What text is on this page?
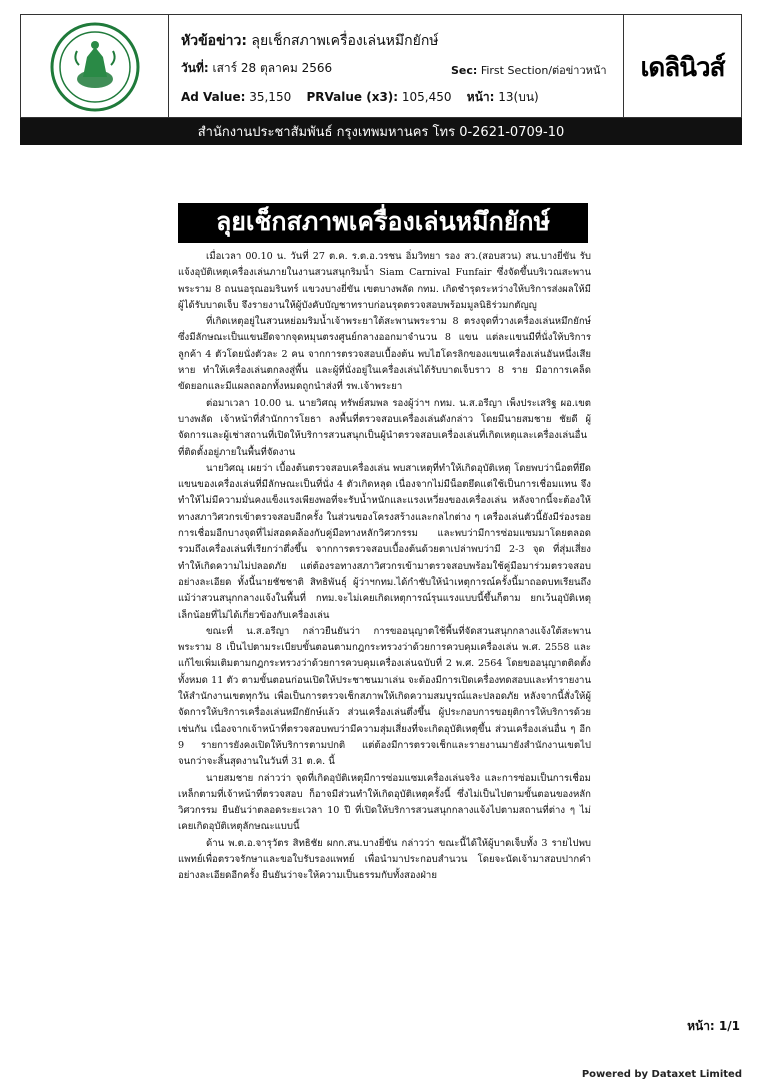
หัวข้อข่าว: ลุยเช็กสภาพเครื่องเล่นหมึกยักษ์
วันที่: เสาร์ 28 ตุลาคม 2566	Sec: First Section/ต่อข่าวหน้า
Ad Value: 35,150 PRValue (x3): 105,450 หน้า: 13(บน)
เดลินิวส์
สำนักงานประชาสัมพันธ์ กรุงเทพมหานคร โทร 0-2621-0709-10
ลุยเช็กสภาพเครื่องเล่นหมึกยักษ์

เมื่อเวลา 00.10 น. วันที่ 27 ต.ค. ร.ต.อ.วรชน อิ่มวิทยา รอง สว.(สอบสวน) สน.บางยี่ขัน รับแจ้งอุบัติเหตุเครื่องเล่นภายในงานสวนสนุกริมน้ำ Siam Carnival Funfair ซึ่งจัดขึ้นบริเวณสะพานพระราม 8 ถนนอรุณอมรินทร์ แขวงบางยี่ขัน เขตบางพลัด กทม. เกิดชำรุดระหว่างให้บริการส่งผลให้มีผู้ได้รับบาดเจ็บ จึงรายงานให้ผู้บังคับบัญชาทราบก่อนรุดตรวจสอบพร้อมมูลนิธิร่วมกตัญญู

ที่เกิดเหตุอยู่ในสวนหย่อมริมน้ำเจ้าพระยาใต้สะพานพระราม 8 ตรงจุดที่วางเครื่องเล่นหมึกยักษ์ ซึ่งมีลักษณะเป็นแขนยึดจากจุดหมุนตรงศูนย์กลางออกมาจำนวน 8 แขน แต่ละแขนมีที่นั่งให้บริการลูกค้า 4 ตัวโดยนั่งตัวละ 2 คน จากการตรวจสอบเบื้องต้น พบไฮโดรลิกของแขนเครื่องเล่นอันหนึ่งเสียหาย ทำให้เครื่องเล่นตกลงสู่พื้น และผู้ที่นั่งอยู่ในเครื่องเล่นได้รับบาดเจ็บราว 8 ราย มีอาการเคล็ดขัดยอกและมีแผลถลอกทั้งหมดถูกนำส่งที่ รพ.เจ้าพระยา

ต่อมาเวลา 10.00 น. นายวิศณุ ทรัพย์สมพล รองผู้ว่าฯ กทม. น.ส.อรีญา เพ็งประเสริฐ ผอ.เขตบางพลัด เจ้าหน้าที่สำนักการโยธา ลงพื้นที่ตรวจสอบเครื่องเล่นดังกล่าว โดยมีนายสมชาย ชัยดี ผู้จัดการและผู้เช่าสถานที่เปิดให้บริการสวนสนุกเป็นผู้นำตรวจสอบเครื่องเล่นที่เกิดเหตุและเครื่องเล่นอื่นที่ติดตั้งอยู่ภายในพื้นที่จัดงาน

นายวิศณุ เผยว่า เบื้องต้นตรวจสอบเครื่องเล่น พบสาเหตุที่ทำให้เกิดอุบัติเหตุ โดยพบว่าน็อตที่ยึดแขนของเครื่องเล่นที่มีลักษณะเป็นที่นั่ง 4 ตัวเกิดหลุด เนื่องจากไม่มีน็อตยึดแต่ใช้เป็นการเชื่อมแทน จึงทำให้ไม่มีความมั่นคงแข็งแรงเพียงพอที่จะรับน้ำหนักและแรงเหวี่ยงของเครื่องเล่น หลังจากนี้จะต้องให้ทางสภาวิศวกรเข้าตรวจสอบอีกครั้ง ในส่วนของโครงสร้างและกลไกต่าง ๆ เครื่องเล่นตัวนี้ยังมีร่องรอยการเชื่อมอีกบางจุดที่ไม่สอดคล้องกับคู่มือทางหลักวิศวกรรม และพบว่ามีการซ่อมแซมมาโดยตลอด รวมถึงเครื่องเล่นที่เรียกว่าตึ่งขึ้น จากการตรวจสอบเบื้องต้นด้วยตาเปล่าพบว่ามี 2-3 จุด ที่สุ่มเสี่ยงทำให้เกิดความไม่ปลอดภัย แต่ต้องรอทางสภาวิศวกรเข้ามาตรวจสอบพร้อมใช้คู่มือมาร่วมตรวจสอบอย่างละเอียด ทั้งนี้นายชัชชาติ สิทธิพันธุ์ ผู้ว่าฯกทม.ได้กำชับให้นำเหตุการณ์ครั้งนี้มาถอดบทเรียนถึงแม้ว่าสวนสนุกกลางแจ้งในพื้นที่ กทม.จะไม่เคยเกิดเหตุการณ์รุนแรงแบบนี้ขึ้นก็ตาม ยกเว้นอุบัติเหตุเล็กน้อยที่ไม่ได้เกี่ยวข้องกับเครื่องเล่น

ขณะที่ น.ส.อรีญา กล่าวยืนยันว่า การขออนุญาตใช้พื้นที่จัดสวนสนุกกลางแจ้งใต้สะพานพระราม 8 เป็นไปตามระเบียบขั้นตอนตามกฎกระทรวงว่าด้วยการควบคุมเครื่องเล่น พ.ศ. 2558 และแก้ไขเพิ่มเติมตามกฎกระทรวงว่าด้วยการควบคุมเครื่องเล่นฉบับที่ 2 พ.ศ. 2564 โดยขออนุญาตติดตั้งทั้งหมด 11 ตัว ตามขั้นตอนก่อนเปิดให้ประชาชนมาเล่น จะต้องมีการเปิดเครื่องทดสอบและทำรายงานให้สำนักงานเขตทุกวัน เพื่อเป็นการตรวจเช็กสภาพให้เกิดความสมบูรณ์และปลอดภัย หลังจากนี้สั่งให้ผู้จัดการให้บริการเครื่องเล่นหมึกยักษ์แล้ว ส่วนเครื่องเล่นตึ่งขึ้น ผู้ประกอบการขอยุติการให้บริการด้วยเช่นกัน เนื่องจากเจ้าหน้าที่ตรวจสอบพบว่ามีความสุ่มเสี่ยงที่จะเกิดอุบัติเหตุขึ้น ส่วนเครื่องเล่นอื่น ๆ อีก 9 รายการยังคงเปิดให้บริการตามปกติ แต่ต้องมีการตรวจเช็กและรายงานมายังสำนักงานเขตไปจนกว่าจะสิ้นสุดงานในวันที่ 31 ต.ค. นี้

นายสมชาย กล่าวว่า จุดที่เกิดอุบัติเหตุมีการซ่อมแซมเครื่องเล่นจริง และการซ่อมเป็นการเชื่อมเหล็กตามที่เจ้าหน้าที่ตรวจสอบ ก็อาจมีส่วนทำให้เกิดอุบัติเหตุครั้งนี้ ซึ่งไม่เป็นไปตามขั้นตอนของหลักวิศวกรรม ยืนยันว่าตลอดระยะเวลา 10 ปี ที่เปิดให้บริการสวนสนุกกลางแจ้งไปตามสถานที่ต่าง ๆ ไม่เคยเกิดอุบัติเหตุลักษณะแบบนี้

ด้าน พ.ต.อ.จารุวัตร สิทธิชัย ผกก.สน.บางยี่ขัน กล่าวว่า ขณะนี้ได้ให้ผู้บาดเจ็บทั้ง 3 รายไปพบแพทย์เพื่อตรวจรักษาและขอใบรับรองแพทย์ เพื่อนำมาประกอบสำนวน โดยจะนัดเจ้ามาสอบปากคำอย่างละเอียดอีกครั้ง ยืนยันว่าจะให้ความเป็นธรรมกับทั้งสองฝ่าย

หน้า: 1/1
Powered by Dataxet Limited
